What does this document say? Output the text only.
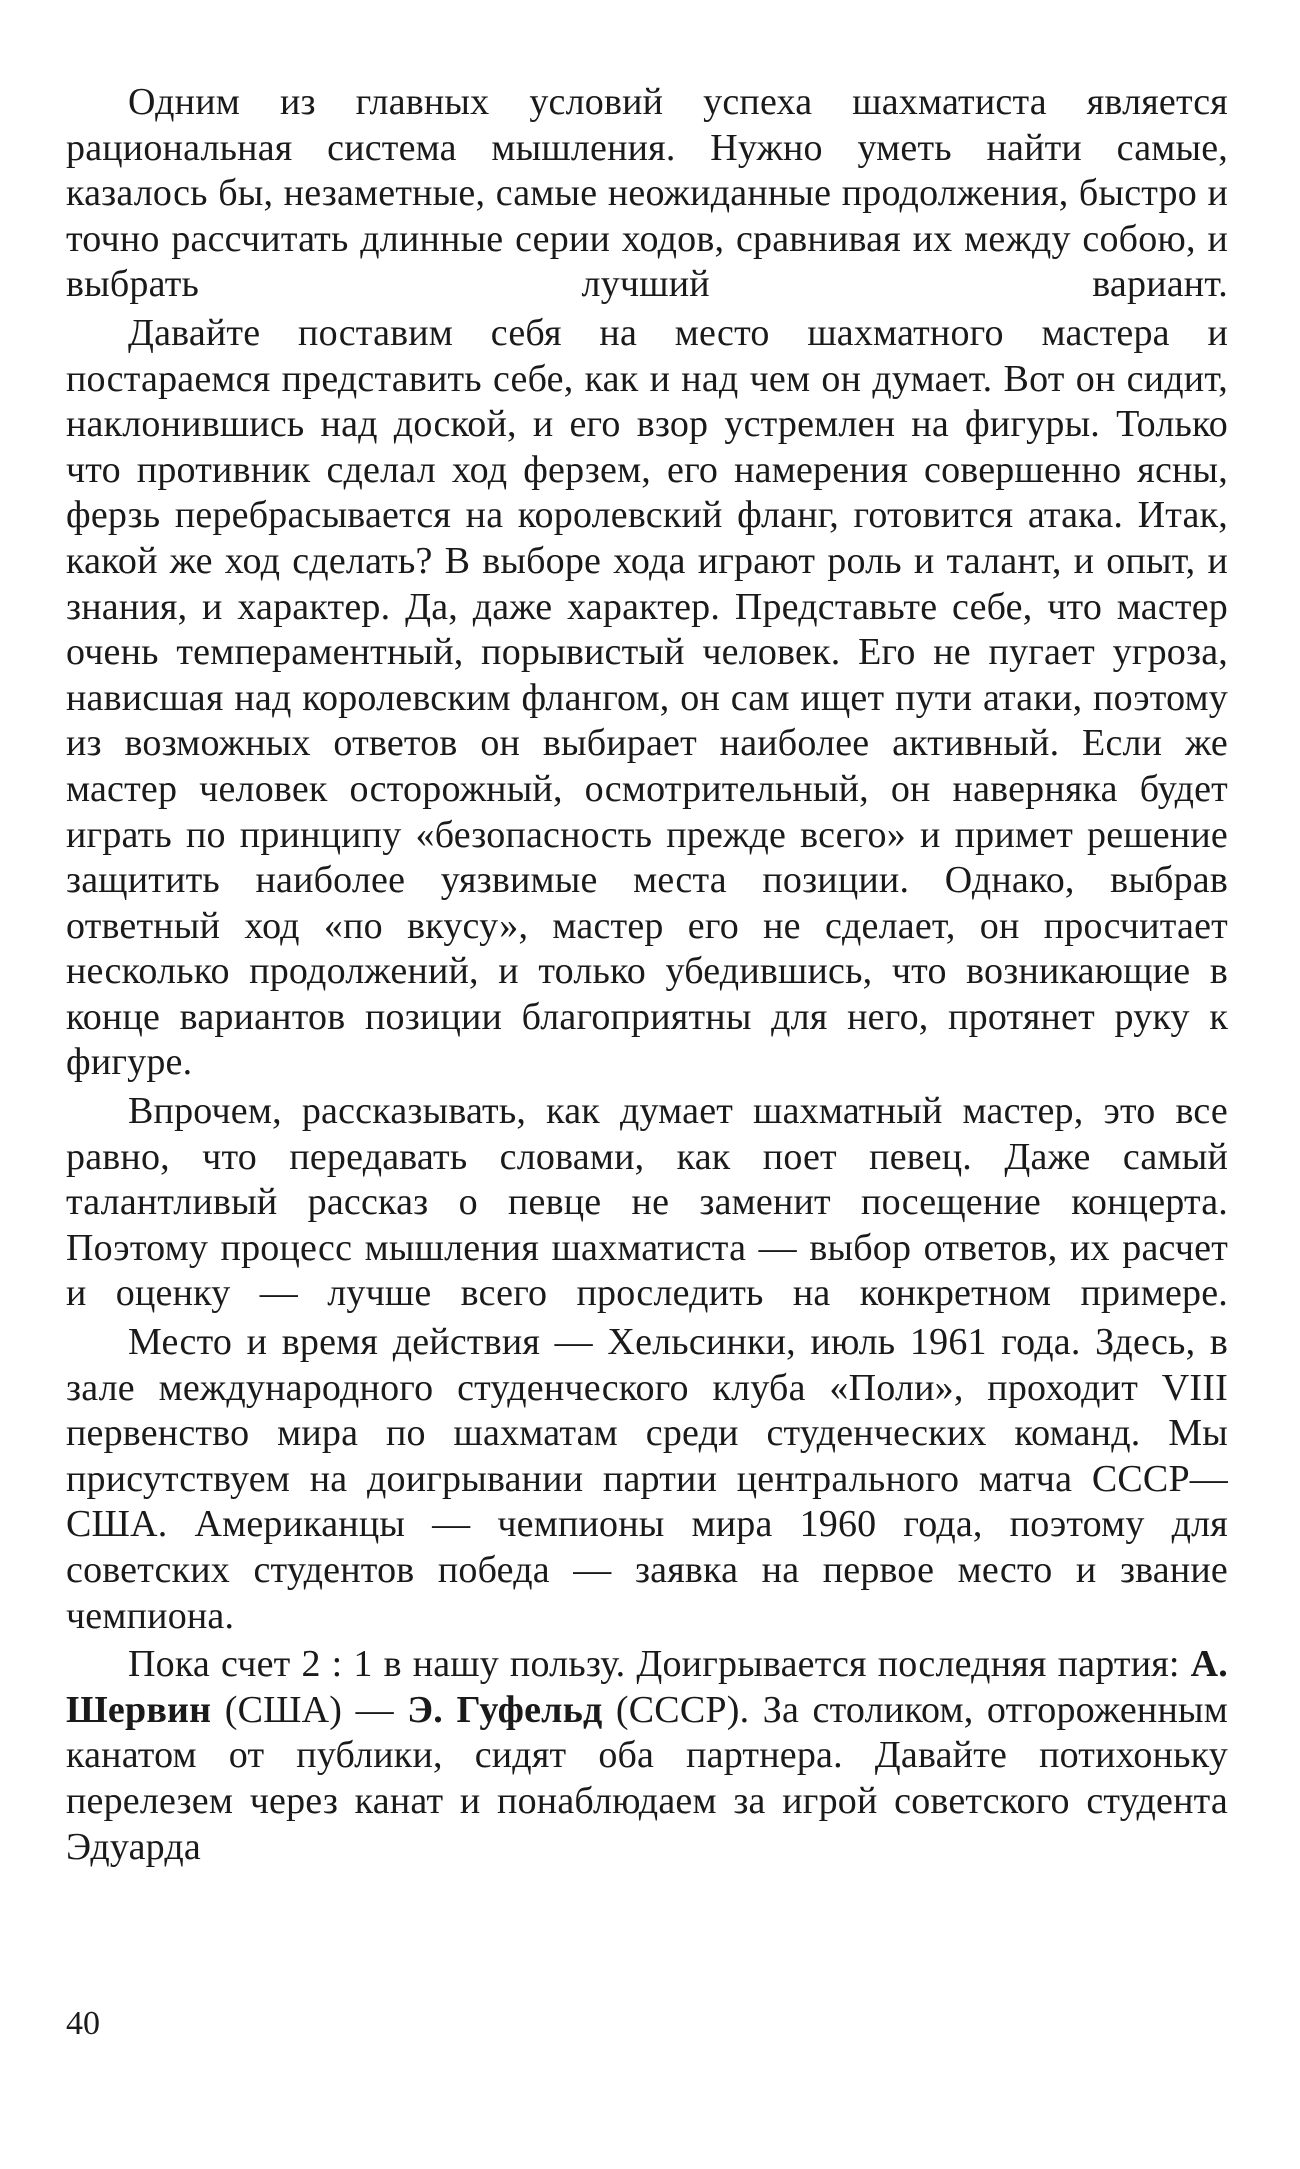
Одним из главных условий успеха шахматиста является рациональная система мышления. Нужно уметь найти самые, казалось бы, незаметные, самые неожиданные продолжения, быстро и точно рассчитать длинные серии ходов, сравнивая их между собою, и выбрать лучший вариант.

Давайте поставим себя на место шахматного мастера и постараемся представить себе, как и над чем он думает. Вот он сидит, наклонившись над доской, и его взор устремлен на фигуры. Только что противник сделал ход ферзем, его намерения совершенно ясны, ферзь перебрасывается на королевский фланг, готовится атака. Итак, какой же ход сделать? В выборе хода играют роль и талант, и опыт, и знания, и характер. Да, даже характер. Представьте себе, что мастер очень темпераментный, порывистый человек. Его не пугает угроза, нависшая над королевским флангом, он сам ищет пути атаки, поэтому из возможных ответов он выбирает наиболее активный. Если же мастер человек осторожный, осмотрительный, он наверняка будет играть по принципу «безопасность прежде всего» и примет решение защитить наиболее уязвимые места позиции. Однако, выбрав ответный ход «по вкусу», мастер его не сделает, он просчитает несколько продолжений, и только убедившись, что возникающие в конце вариантов позиции благоприятны для него, протянет руку к фигуре.

Впрочем, рассказывать, как думает шахматный мастер, это все равно, что передавать словами, как поет певец. Даже самый талантливый рассказ о певце не заменит посещение концерта. Поэтому процесс мышления шахматиста — выбор ответов, их расчет и оценку — лучше всего проследить на конкретном примере.

Место и время действия — Хельсинки, июль 1961 года. Здесь, в зале международного студенческого клуба «Поли», проходит VIII первенство мира по шахматам среди студенческих команд. Мы присутствуем на доигрывании партии центрального матча СССР—США. Американцы — чемпионы мира 1960 года, поэтому для советских студентов победа — заявка на первое место и звание чемпиона.

Пока счет 2 : 1 в нашу пользу. Доигрывается последняя партия: А. Шервин (США) — Э. Гуфельд (СССР). За столиком, отгороженным канатом от публики, сидят оба партнера. Давайте потихоньку перелезем через канат и понаблюдаем за игрой советского студента Эдуарда

40
